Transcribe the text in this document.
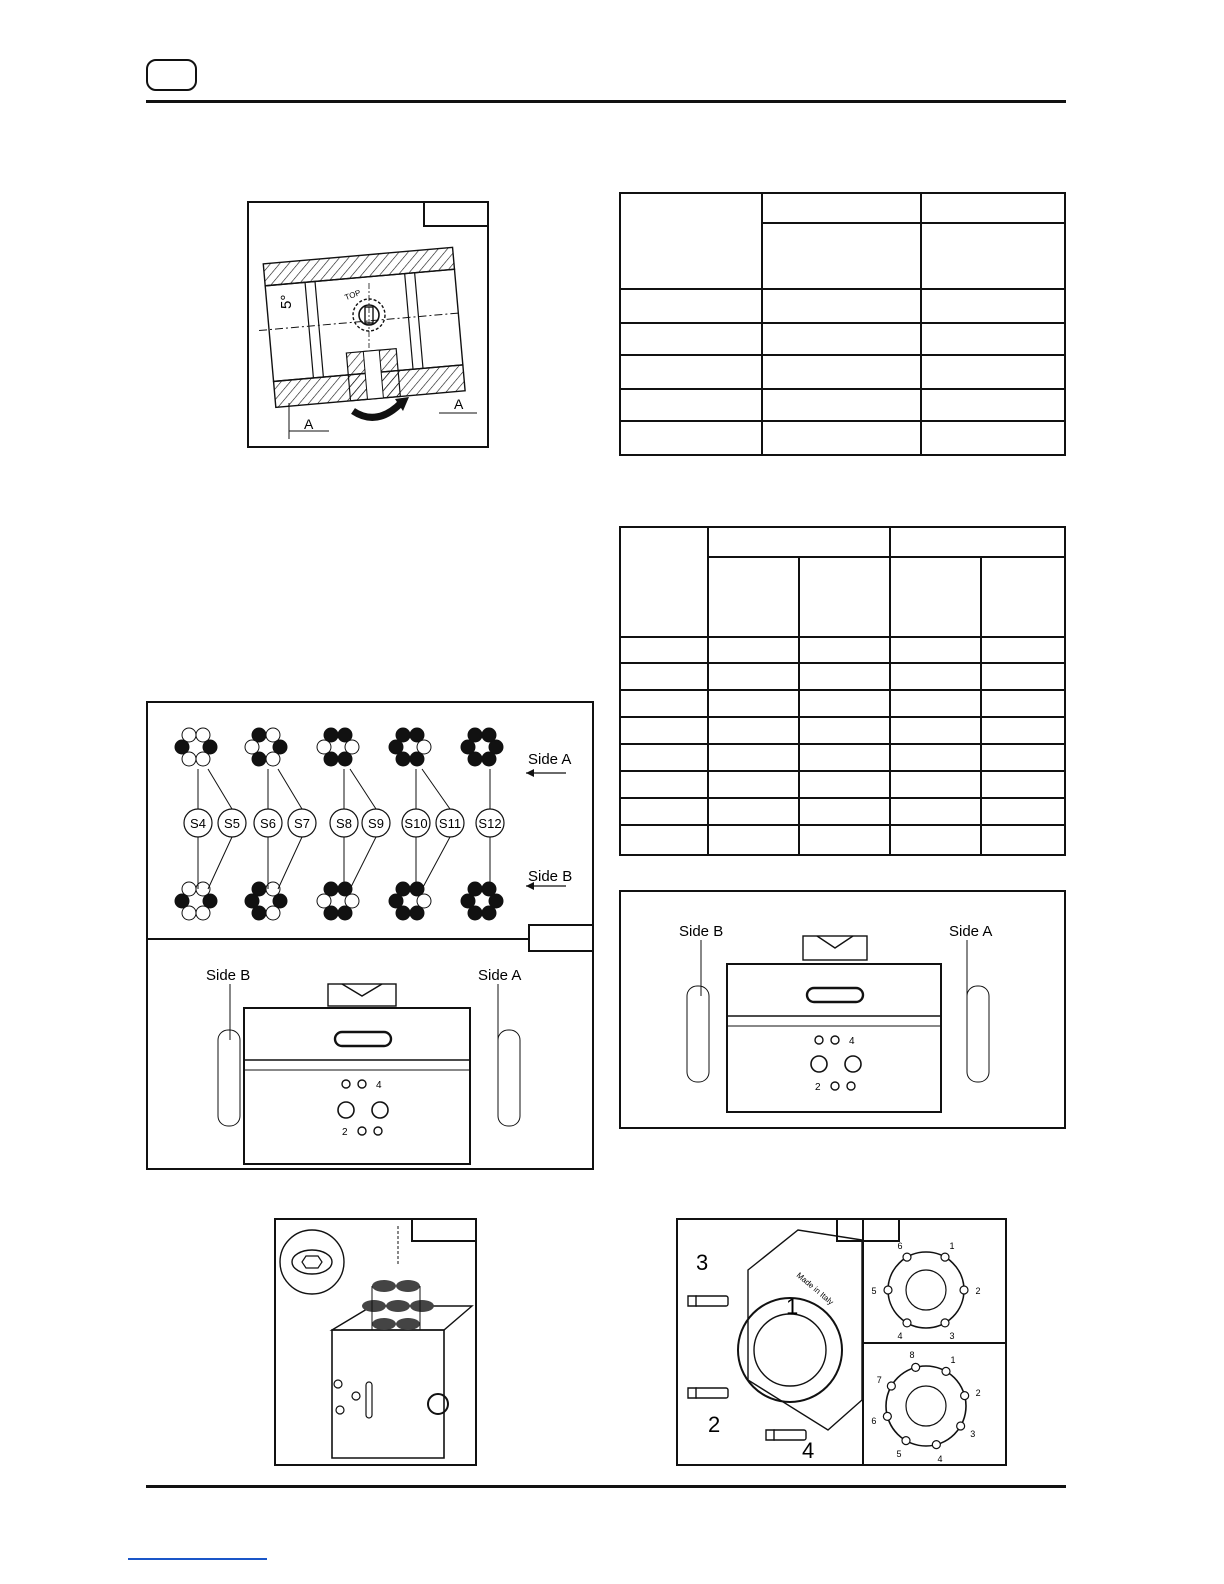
TOP
5°
A
A

S4 S5 S6 S7 S8 S9 S10 S11 S12
Side A
Side B
Side B	Side A
4
2
Side B	Side A
4
2
Made in Italy
3
1
2
4
1
2
3
4
5
6
1
2
3
4
5
6
7
8
